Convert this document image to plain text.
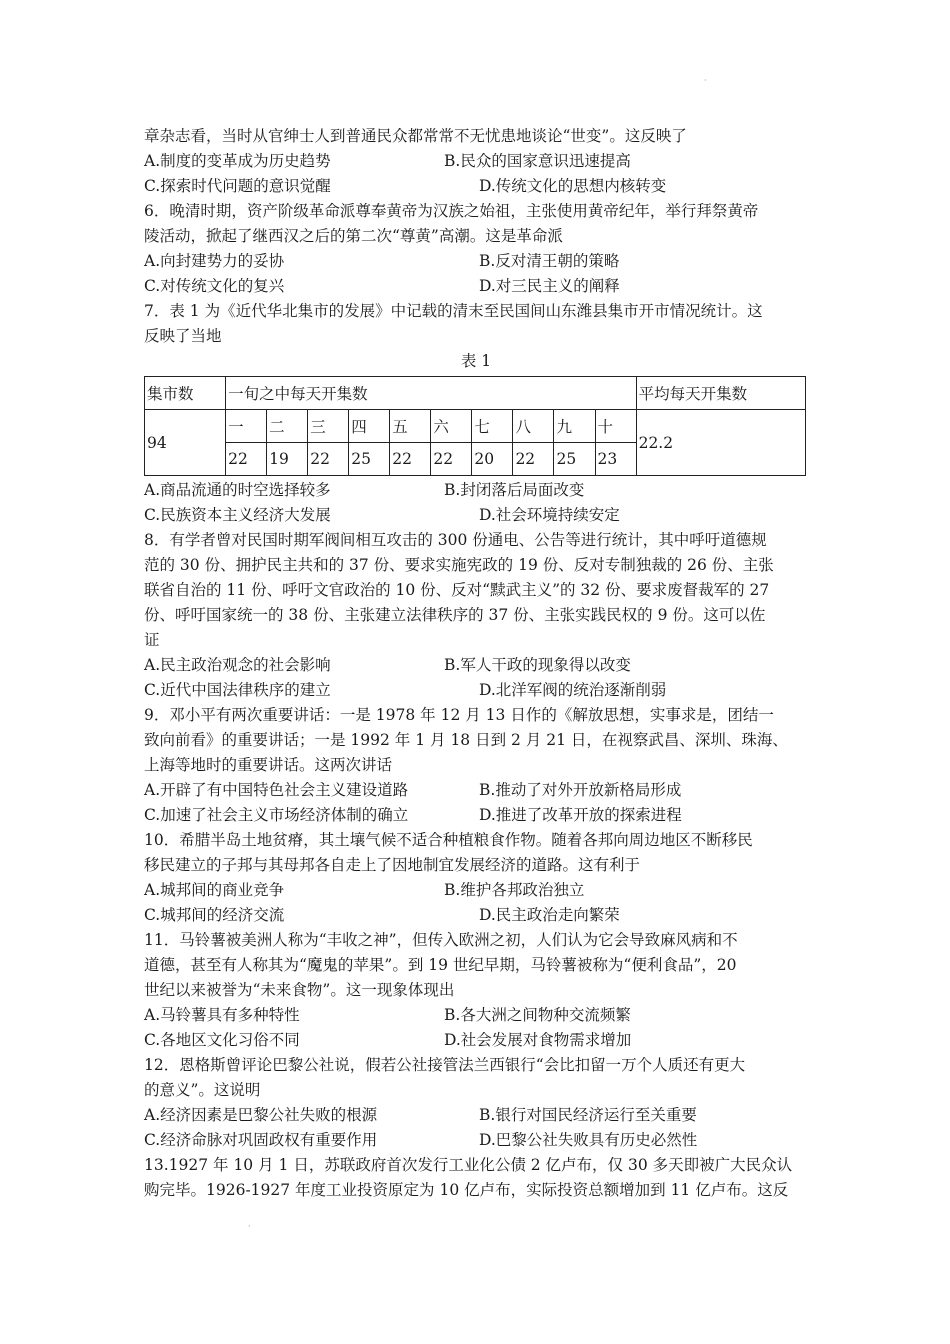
·
·
章杂志看，当时从官绅士人到普通民众都常常不无忧患地谈论“世变”。这反映了
A.制度的变革成为历史趋势	B.民众的国家意识迅速提高
C.探索时代问题的意识觉醒	D.传统文化的思想内核转变
6．晚清时期，资产阶级革命派尊奉黄帝为汉族之始祖，主张使用黄帝纪年，举行拜祭黄帝
陵活动，掀起了继西汉之后的第二次“尊黄”高潮。这是革命派
A.向封建势力的妥协	B.反对清王朝的策略
C.对传统文化的复兴	D.对三民主义的阐释
7．表 1 为《近代华北集市的发展》中记载的清末至民国间山东潍县集市开市情况统计。这
反映了当地
表 1
集市数	一旬之中每天开集数										平均每天开集数
94	一	二	三	四	五	六	七	八	九	十	22.2
	22	19	22	25	22	22	20	22	25	23	
A.商品流通的时空选择较多	B.封闭落后局面改变
C.民族资本主义经济大发展	D.社会环境持续安定
8．有学者曾对民国时期军阀间相互攻击的 300 份通电、公告等进行统计，其中呼吁道德规
范的 30 份、拥护民主共和的 37 份、要求实施宪政的 19 份、反对专制独裁的 26 份、主张
联省自治的 11 份、呼吁文官政治的 10 份、反对“黩武主义”的 32 份、要求废督裁军的 27
份、呼吁国家统一的 38 份、主张建立法律秩序的 37 份、主张实践民权的 9 份。这可以佐
证
A.民主政治观念的社会影响	B.军人干政的现象得以改变
C.近代中国法律秩序的建立	D.北洋军阀的统治逐渐削弱
9．邓小平有两次重要讲话：一是 1978 年 12 月 13 日作的《解放思想，实事求是，团结一
致向前看》的重要讲话；一是 1992 年 1 月 18 日到 2 月 21 日，在视察武昌、深圳、珠海、
上海等地时的重要讲话。这两次讲话
A.开辟了有中国特色社会主义建设道路	B.推动了对外开放新格局形成
C.加速了社会主义市场经济体制的确立	D.推进了改革开放的探索进程
10．希腊半岛土地贫瘠，其土壤气候不适合种植粮食作物。随着各邦向周边地区不断移民
移民建立的子邦与其母邦各自走上了因地制宜发展经济的道路。这有利于
A.城邦间的商业竞争	B.维护各邦政治独立
C.城邦间的经济交流	D.民主政治走向繁荣
11．马铃薯被美洲人称为“丰收之神”，但传入欧洲之初，人们认为它会导致麻风病和不
道德，甚至有人称其为“魔鬼的苹果”。到 19 世纪早期，马铃薯被称为“便利食品”，20
世纪以来被誉为“未来食物”。这一现象体现出
A.马铃薯具有多种特性	B.各大洲之间物种交流频繁
C.各地区文化习俗不同	D.社会发展对食物需求增加
12．恩格斯曾评论巴黎公社说，假若公社接管法兰西银行“会比扣留一万个人质还有更大
的意义”。这说明
A.经济因素是巴黎公社失败的根源	B.银行对国民经济运行至关重要
C.经济命脉对巩固政权有重要作用	D.巴黎公社失败具有历史必然性
13.1927 年 10 月 1 日，苏联政府首次发行工业化公债 2 亿卢布，仅 30 多天即被广大民众认
购完毕。1926-1927 年度工业投资原定为 10 亿卢布，实际投资总额增加到 11 亿卢布。这反
